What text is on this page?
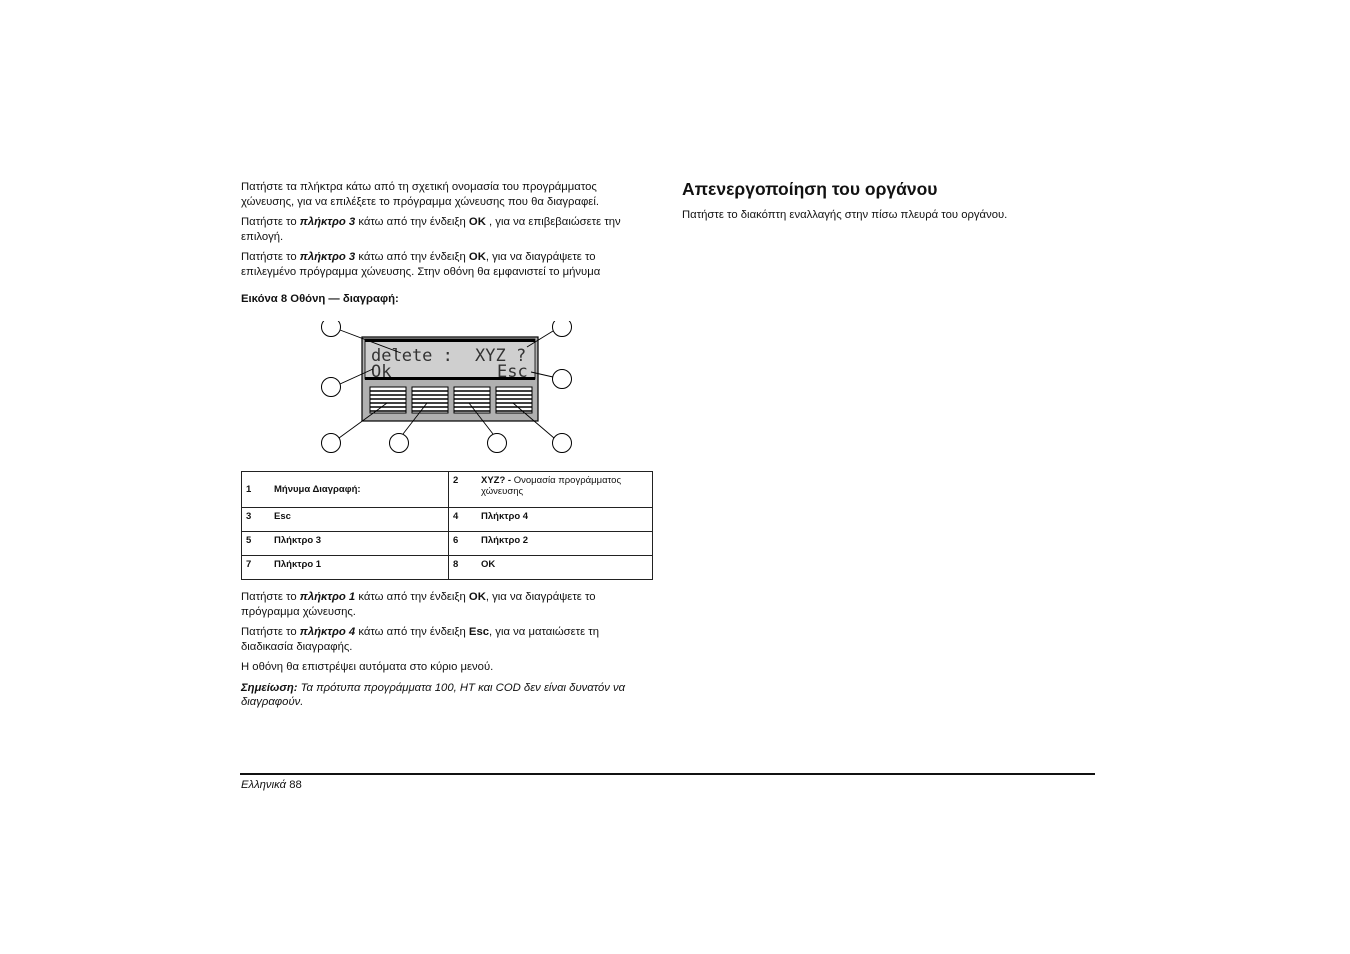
Πατήστε τα πλήκτρα κάτω από τη σχετική ονομασία του προγράμματος χώνευσης, για να επιλέξετε το πρόγραμμα χώνευσης που θα διαγραφεί.

Πατήστε το πλήκτρο 3 κάτω από την ένδειξη OK , για να επιβεβαιώσετε την επιλογή.

Πατήστε το πλήκτρο 3 κάτω από την ένδειξη OK, για να διαγράψετε το επιλεγμένο πρόγραμμα χώνευσης. Στην οθόνη θα εμφανιστεί το μήνυμα

Εικόνα 8 Οθόνη — διαγραφή:
delete : XYZ ?
Ok	Esc
1	Μήνυμα Διαγραφή:	2	XYZ? - Ονομασία προγράμματος χώνευσης
3	Esc	4	Πλήκτρο 4
5	Πλήκτρο 3	6	Πλήκτρο 2
7	Πλήκτρο 1	8	OK

Πατήστε το πλήκτρο 1 κάτω από την ένδειξη OK, για να διαγράψετε το πρόγραμμα χώνευσης.

Πατήστε το πλήκτρο 4 κάτω από την ένδειξη Esc, για να ματαιώσετε τη διαδικασία διαγραφής.

Η οθόνη θα επιστρέψει αυτόματα στο κύριο μενού.

Σημείωση: Τα πρότυπα προγράμματα 100, HT και COD δεν είναι δυνατόν να διαγραφούν.

Απενεργοποίηση του οργάνου

Πατήστε το διακόπτη εναλλαγής στην πίσω πλευρά του οργάνου.

Ελληνικά 88
